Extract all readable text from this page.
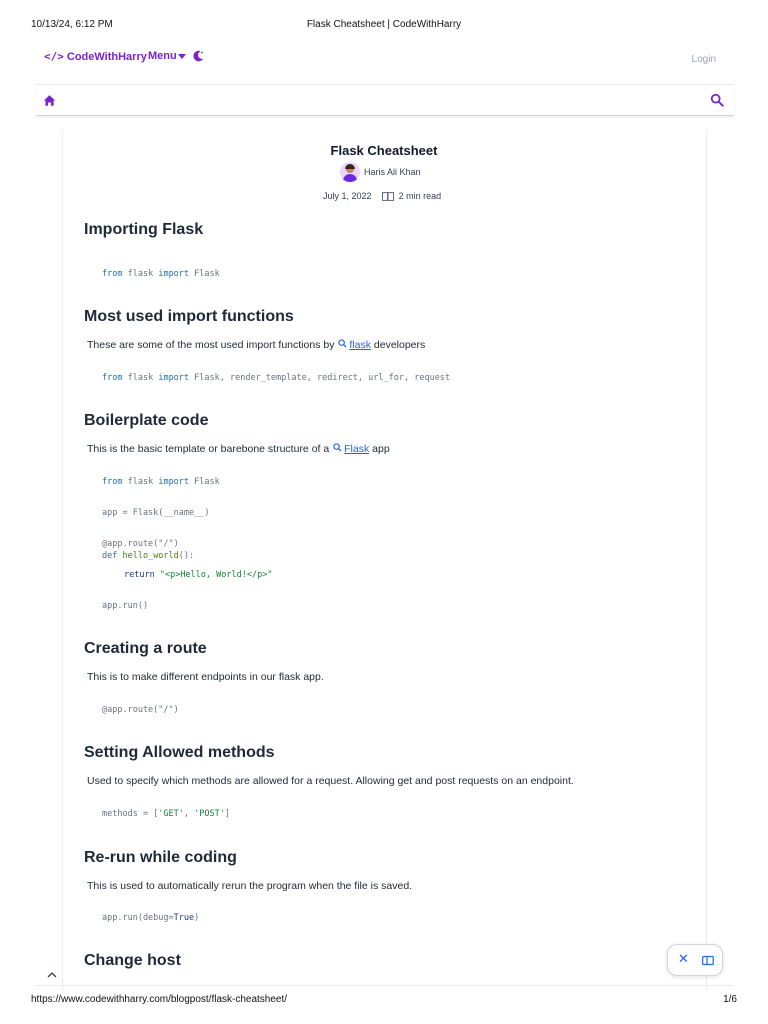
10/13/24, 6:12 PM	Flask Cheatsheet | CodeWithHarry
</> CodeWithHarry Menu	Login
Flask Cheatsheet
Haris Ali Khan
July 1, 2022	2 min read
Importing Flask
from flask import Flask
Most used import functions

These are some of the most used import functions by flask developers

from flask import Flask, render_template, redirect, url_for, request
Boilerplate code

This is the basic template or barebone structure of a Flask app

from flask import Flask
app = Flask(__name__)
@app.route("/")
def hello_world():
return "<p>Hello, World!</p>"
app.run()
Creating a route

This is to make different endpoints in our flask app.

@app.route("/")
Setting Allowed methods

Used to specify which methods are allowed for a request. Allowing get and post requests on an endpoint.

methods = ['GET', 'POST']
Re-run while coding

This is used to automatically rerun the program when the file is saved.

app.run(debug=True)
Change host	✕
https://www.codewithharry.com/blogpost/flask-cheatsheet/	1/6
